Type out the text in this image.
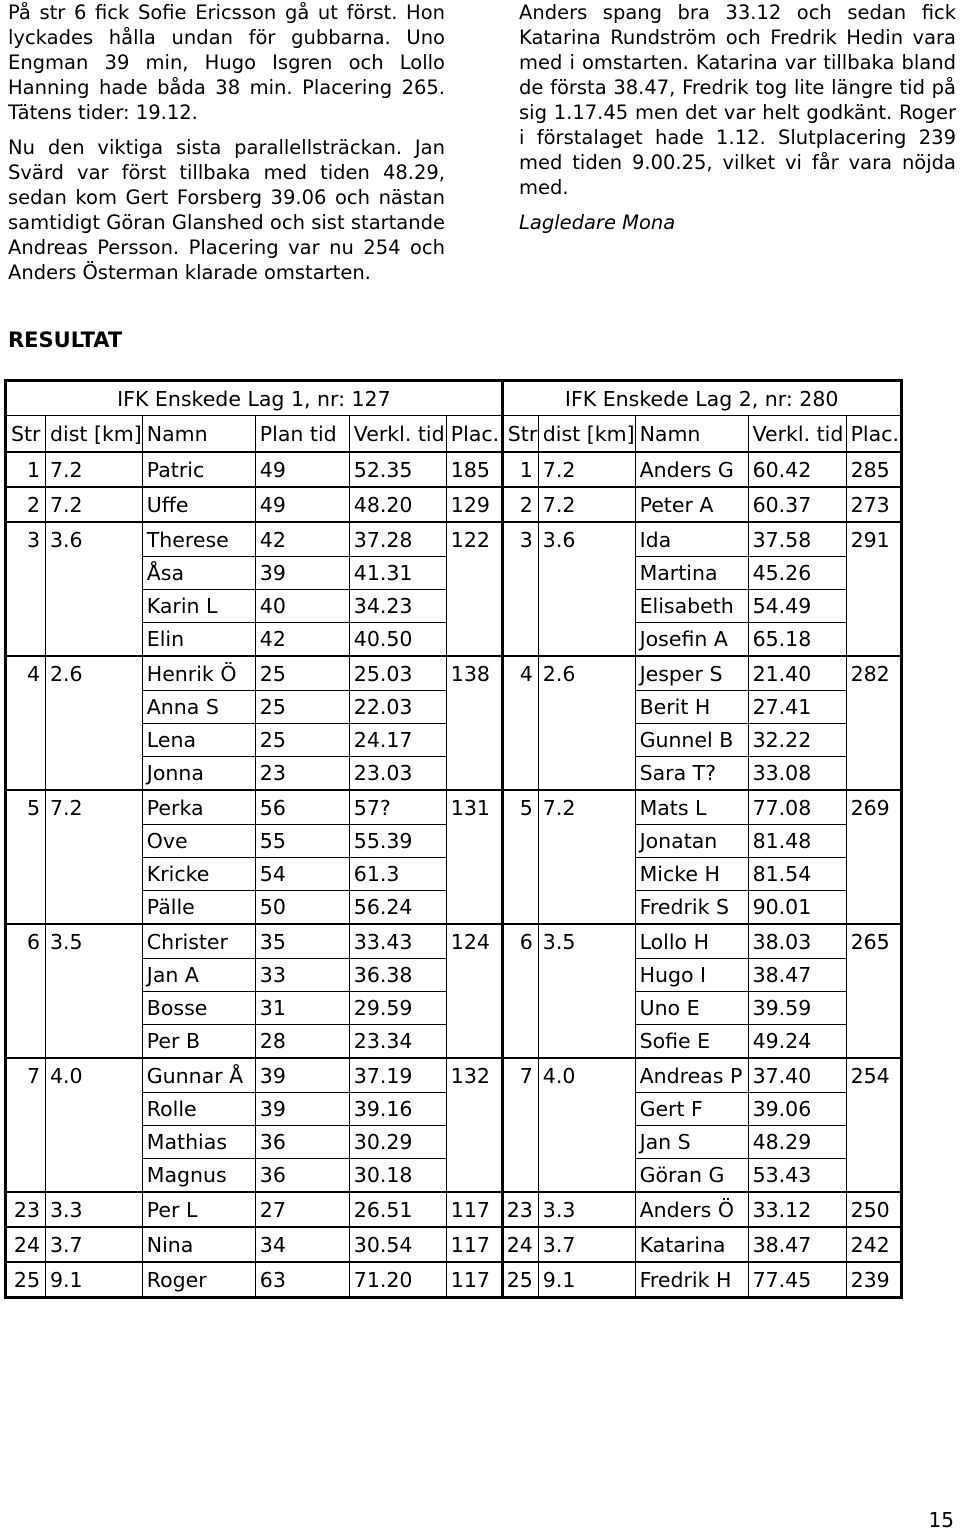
På str 6 fick Sofie Ericsson gå ut först. Hon lyckades hålla undan för gubbarna. Uno Engman 39 min, Hugo Isgren och Lollo Hanning hade båda 38 min. Placering 265. Tätens tider: 19.12.

Nu den viktiga sista parallellsträckan. Jan Svärd var först tillbaka med tiden 48.29, sedan kom Gert Forsberg 39.06 och nästan samtidigt Göran Glanshed och sist startande Andreas Persson. Placering var nu 254 och Anders Österman klarade omstarten.

Anders spang bra 33.12 och sedan fick Katarina Rundström och Fredrik Hedin vara med i omstarten. Katarina var tillbaka bland de första 38.47, Fredrik tog lite längre tid på sig 1.17.45 men det var helt godkänt. Roger i förstalaget hade 1.12. Slutplacering 239 med tiden 9.00.25, vilket vi får vara nöjda med.

Lagledare Mona

RESULTAT
IFK Enskede Lag 1, nr: 127						IFK Enskede Lag 2, nr: 280				
Str	dist [km]	Namn	Plan tid	Verkl. tid	Plac.	Str	dist [km]	Namn	Verkl. tid	Plac.
1	7.2	Patric	49	52.35	185	1	7.2	Anders G	60.42	285
2	7.2	Uffe	49	48.20	129	2	7.2	Peter A	60.37	273
3	3.6	Therese	42	37.28	122	3	3.6	Ida	37.58	291
		Åsa	39	41.31				Martina	45.26	
		Karin L	40	34.23				Elisabeth	54.49	
		Elin	42	40.50				Josefin A	65.18	
4	2.6	Henrik Ö	25	25.03	138	4	2.6	Jesper S	21.40	282
		Anna S	25	22.03				Berit H	27.41	
		Lena	25	24.17				Gunnel B	32.22	
		Jonna	23	23.03				Sara T?	33.08	
5	7.2	Perka	56	57?	131	5	7.2	Mats L	77.08	269
		Ove	55	55.39				Jonatan	81.48	
		Kricke	54	61.3				Micke H	81.54	
		Pälle	50	56.24				Fredrik S	90.01	
6	3.5	Christer	35	33.43	124	6	3.5	Lollo H	38.03	265
		Jan A	33	36.38				Hugo I	38.47	
		Bosse	31	29.59				Uno E	39.59	
		Per B	28	23.34				Sofie E	49.24	
7	4.0	Gunnar Å	39	37.19	132	7	4.0	Andreas P	37.40	254
		Rolle	39	39.16				Gert F	39.06	
		Mathias	36	30.29				Jan S	48.29	
		Magnus	36	30.18				Göran G	53.43	
23	3.3	Per L	27	26.51	117	23	3.3	Anders Ö	33.12	250
24	3.7	Nina	34	30.54	117	24	3.7	Katarina	38.47	242
25	9.1	Roger	63	71.20	117	25	9.1	Fredrik H	77.45	239
15
